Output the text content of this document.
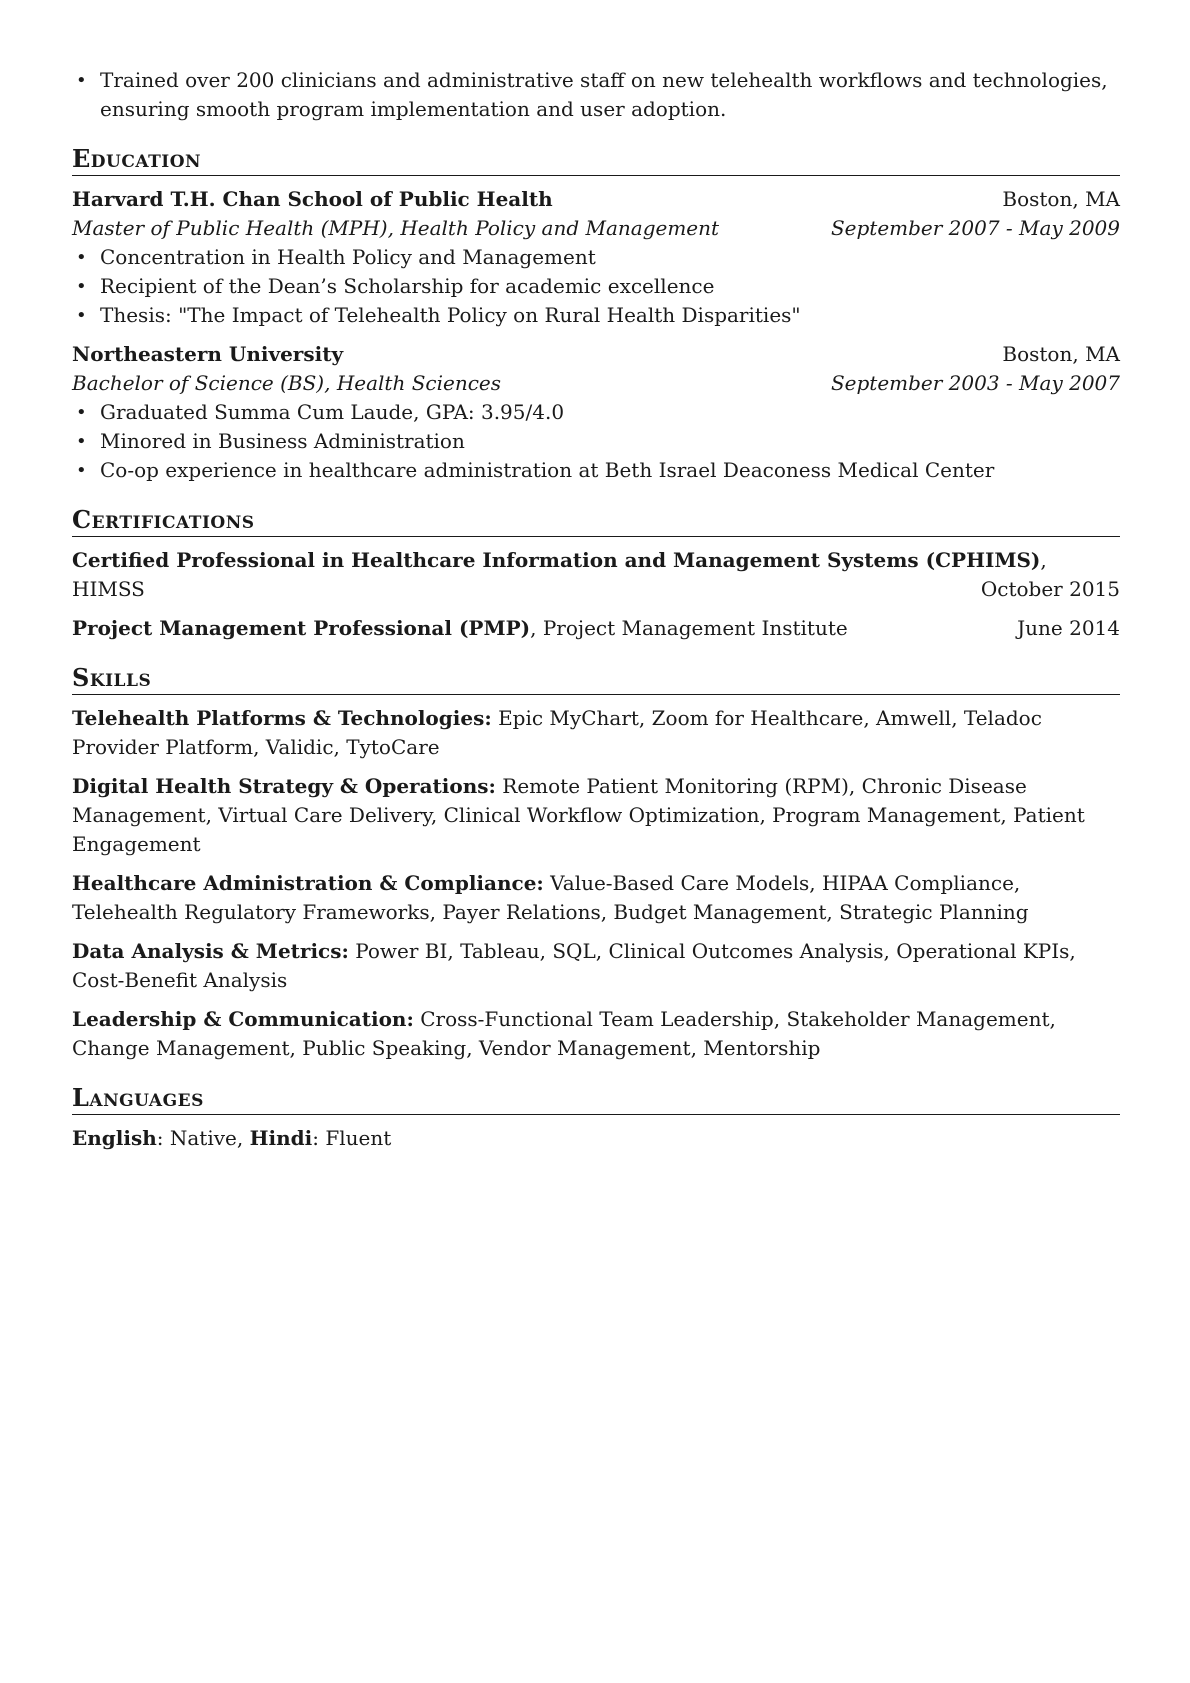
• Trained over 200 clinicians and administrative staff on new telehealth workflows and technologies, ensuring smooth program implementation and user adoption.
Education
Harvard T.H. Chan School of Public Health	Boston, MA
Master of Public Health (MPH), Health Policy and Management	September 2007 - May 2009
• Concentration in Health Policy and Management
• Recipient of the Dean’s Scholarship for academic excellence
• Thesis: "The Impact of Telehealth Policy on Rural Health Disparities"
Northeastern University	Boston, MA
Bachelor of Science (BS), Health Sciences	September 2003 - May 2007
• Graduated Summa Cum Laude, GPA: 3.95/4.0
• Minored in Business Administration
• Co-op experience in healthcare administration at Beth Israel Deaconess Medical Center
Certifications
Certified Professional in Healthcare Information and Management Systems (CPHIMS),
HIMSS	October 2015
Project Management Professional (PMP), Project Management Institute	June 2014
Skills
Telehealth Platforms & Technologies: Epic MyChart, Zoom for Healthcare, Amwell, Teladoc Provider Platform, Validic, TytoCare
Digital Health Strategy & Operations: Remote Patient Monitoring (RPM), Chronic Disease Management, Virtual Care Delivery, Clinical Workflow Optimization, Program Management, Patient Engagement
Healthcare Administration & Compliance: Value-Based Care Models, HIPAA Compliance, Telehealth Regulatory Frameworks, Payer Relations, Budget Management, Strategic Planning
Data Analysis & Metrics: Power BI, Tableau, SQL, Clinical Outcomes Analysis, Operational KPIs, Cost-Benefit Analysis
Leadership & Communication: Cross-Functional Team Leadership, Stakeholder Management, Change Management, Public Speaking, Vendor Management, Mentorship
Languages
English: Native, Hindi: Fluent
